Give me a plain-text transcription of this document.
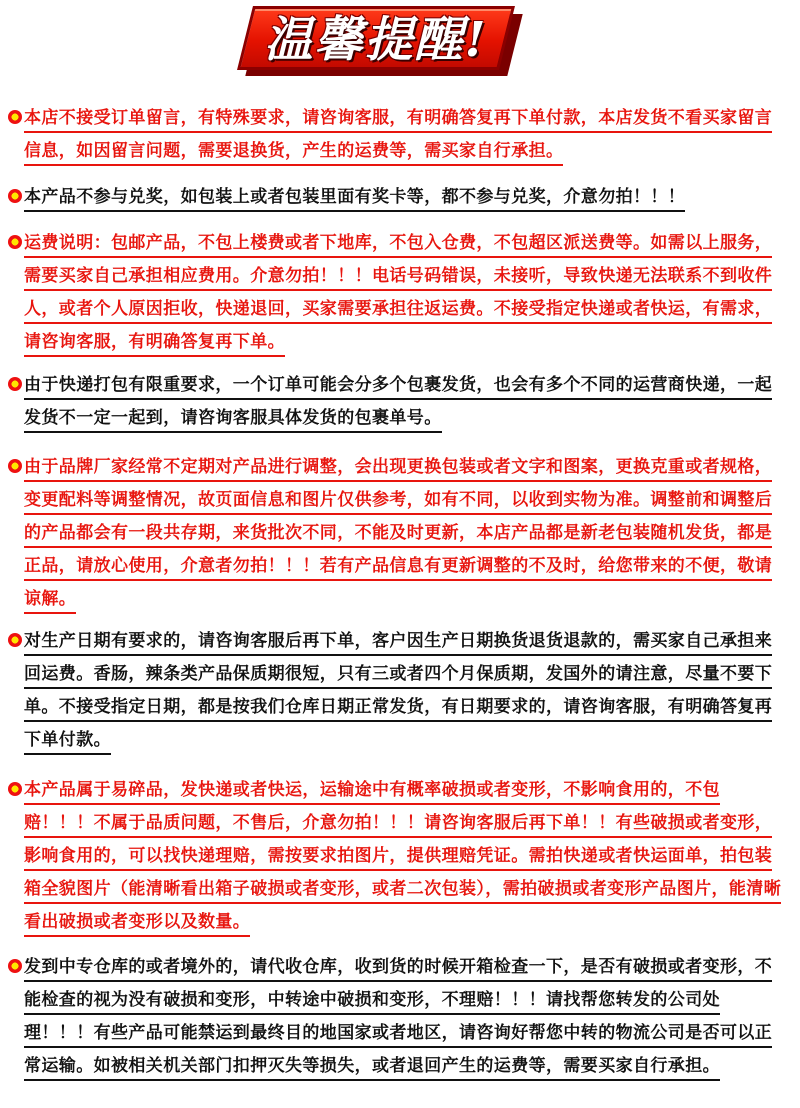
温馨提醒!
本店不接受订单留言，有特殊要求，请咨询客服，有明确答复再下单付款，本店发货不看买家留言信息，如因留言问题，需要退换货，产生的运费等，需买家自行承担。
本产品不参与兑奖，如包装上或者包装里面有奖卡等，都不参与兑奖，介意勿拍！！！
运费说明：包邮产品，不包上楼费或者下地库，不包入仓费，不包超区派送费等。如需以上服务，需要买家自己承担相应费用。介意勿拍！！！电话号码错误，未接听，导致快递无法联系不到收件人，或者个人原因拒收，快递退回，买家需要承担往返运费。不接受指定快递或者快运，有需求，请咨询客服，有明确答复再下单。
由于快递打包有限重要求，一个订单可能会分多个包裹发货，也会有多个不同的运营商快递，一起发货不一定一起到，请咨询客服具体发货的包裹单号。
由于品牌厂家经常不定期对产品进行调整，会出现更换包装或者文字和图案，更换克重或者规格，变更配料等调整情况，故页面信息和图片仅供参考，如有不同，以收到实物为准。调整前和调整后的产品都会有一段共存期，来货批次不同，不能及时更新，本店产品都是新老包装随机发货，都是正品，请放心使用，介意者勿拍！！！若有产品信息有更新调整的不及时，给您带来的不便，敬请谅解。
对生产日期有要求的，请咨询客服后再下单，客户因生产日期换货退货退款的，需买家自己承担来回运费。香肠，辣条类产品保质期很短，只有三或者四个月保质期，发国外的请注意，尽量不要下单。不接受指定日期，都是按我们仓库日期正常发货，有日期要求的，请咨询客服，有明确答复再下单付款。
本产品属于易碎品，发快递或者快运，运输途中有概率破损或者变形，不影响食用的，不包赔！！！不属于品质问题，不售后，介意勿拍！！！请咨询客服后再下单！！有些破损或者变形，影响食用的，可以找快递理赔，需按要求拍图片，提供理赔凭证。需拍快递或者快运面单，拍包装箱全貌图片（能清晰看出箱子破损或者变形，或者二次包装），需拍破损或者变形产品图片，能清晰看出破损或者变形以及数量。
发到中专仓库的或者境外的，请代收仓库，收到货的时候开箱检查一下，是否有破损或者变形，不能检查的视为没有破损和变形，中转途中破损和变形，不理赔！！！请找帮您转发的公司处理！！！有些产品可能禁运到最终目的地国家或者地区，请咨询好帮您中转的物流公司是否可以正常运输。如被相关机关部门扣押灭失等损失，或者退回产生的运费等，需要买家自行承担。
